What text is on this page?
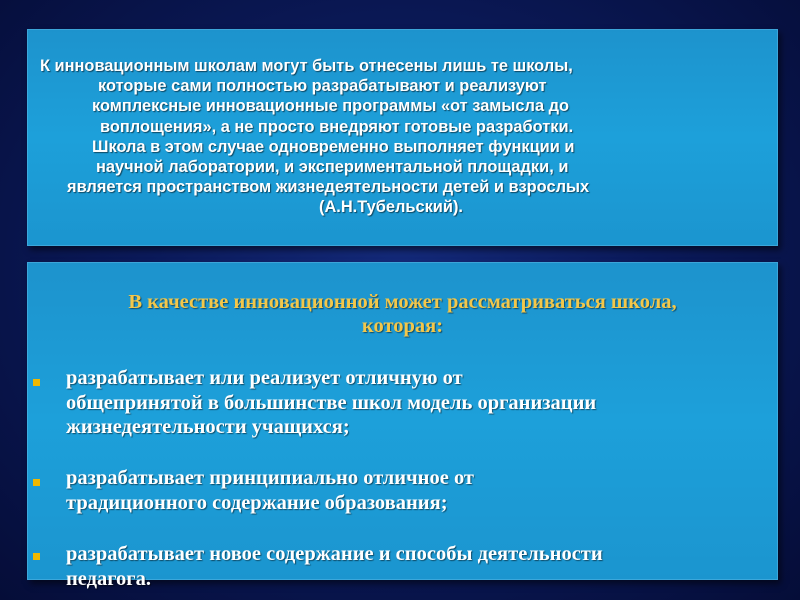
К инновационным школам могут быть отнесены лишь те школы,
которые сами полностью разрабатывают и реализуют
комплексные инновационные программы «от замысла до
воплощения», а не просто внедряют готовые разработки.
Школа в этом случае одновременно выполняет функции и
научной лаборатории, и экспериментальной площадки, и
является пространством жизнедеятельности детей и взрослых
(А.Н.Тубельский).
В качестве инновационной может рассматриваться школа,
которая:
разрабатывает или реализует отличную от
общепринятой в большинстве школ модель организации
жизнедеятельности учащихся;
разрабатывает принципиально отличное от
традиционного содержание образования;
разрабатывает новое содержание и способы деятельности
педагога.
